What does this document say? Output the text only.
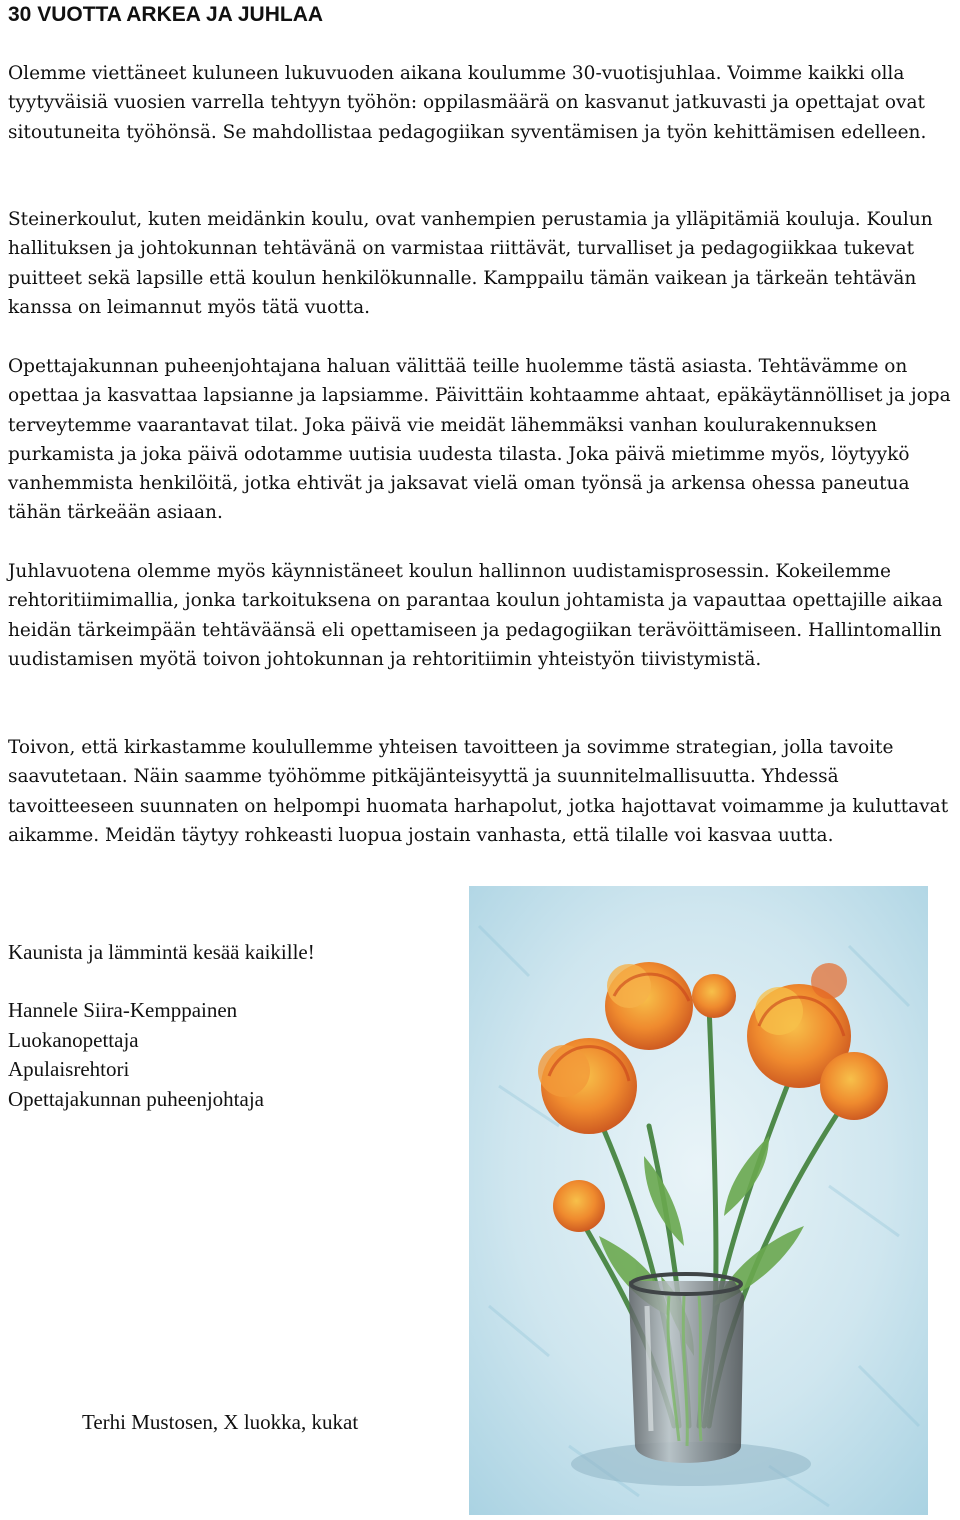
30 VUOTTA ARKEA JA JUHLAA

Olemme viettäneet kuluneen lukuvuoden aikana koulumme 30-vuotisjuhlaa. Voimme kaikki olla tyytyväisiä vuosien varrella tehtyyn työhön: oppilasmäärä on kasvanut jatkuvasti ja opettajat ovat sitoutuneita työhönsä. Se mahdollistaa pedagogiikan syventämisen ja työn kehittämisen edelleen.

Steinerkoulut, kuten meidänkin koulu, ovat vanhempien perustamia ja ylläpitämiä kouluja. Koulun hallituksen ja johtokunnan tehtävänä on varmistaa riittävät, turvalliset ja pedagogiikkaa tukevat puitteet sekä lapsille että koulun henkilökunnalle. Kamppailu tämän vaikean ja tärkeän tehtävän kanssa on leimannut myös tätä vuotta.

Opettajakunnan puheenjohtajana haluan välittää teille huolemme tästä asiasta. Tehtävämme on opettaa ja kasvattaa lapsianne ja lapsiamme. Päivittäin kohtaamme ahtaat, epäkäytännölliset ja jopa terveytemme vaarantavat tilat. Joka päivä vie meidät lähemmäksi vanhan koulurakennuksen purkamista ja joka päivä odotamme uutisia uudesta tilasta. Joka päivä mietimme myös, löytyykö vanhemmista henkilöitä, jotka ehtivät ja jaksavat vielä oman työnsä ja arkensa ohessa paneutua tähän tärkeään asiaan.

Juhlavuotena olemme myös käynnistäneet koulun hallinnon uudistamisprosessin. Kokeilemme rehtoritiimimallia, jonka tarkoituksena on parantaa koulun johtamista ja vapauttaa opettajille aikaa heidän tärkeimpään tehtäväänsä eli opettamiseen ja pedagogiikan terävöittämiseen. Hallintomallin uudistamisen myötä toivon johtokunnan ja rehtoritiimin yhteistyön tiivistymistä.

Toivon, että kirkastamme koulullemme yhteisen tavoitteen ja sovimme strategian, jolla tavoite saavutetaan. Näin saamme työhömme pitkäjänteisyyttä ja suunnitelmallisuutta. Yhdessä tavoitteeseen suunnaten on helpompi huomata harhapolut, jotka hajottavat voimamme ja kuluttavat aikamme. Meidän täytyy rohkeasti luopua jostain vanhasta, että tilalle voi kasvaa uutta.

Kaunista ja lämmintä kesää kaikille!
Hannele Siira-Kemppainen
Luokanopettaja
Apulaisrehtori
Opettajakunnan puheenjohtaja
Terhi Mustosen, X luokka, kukat
